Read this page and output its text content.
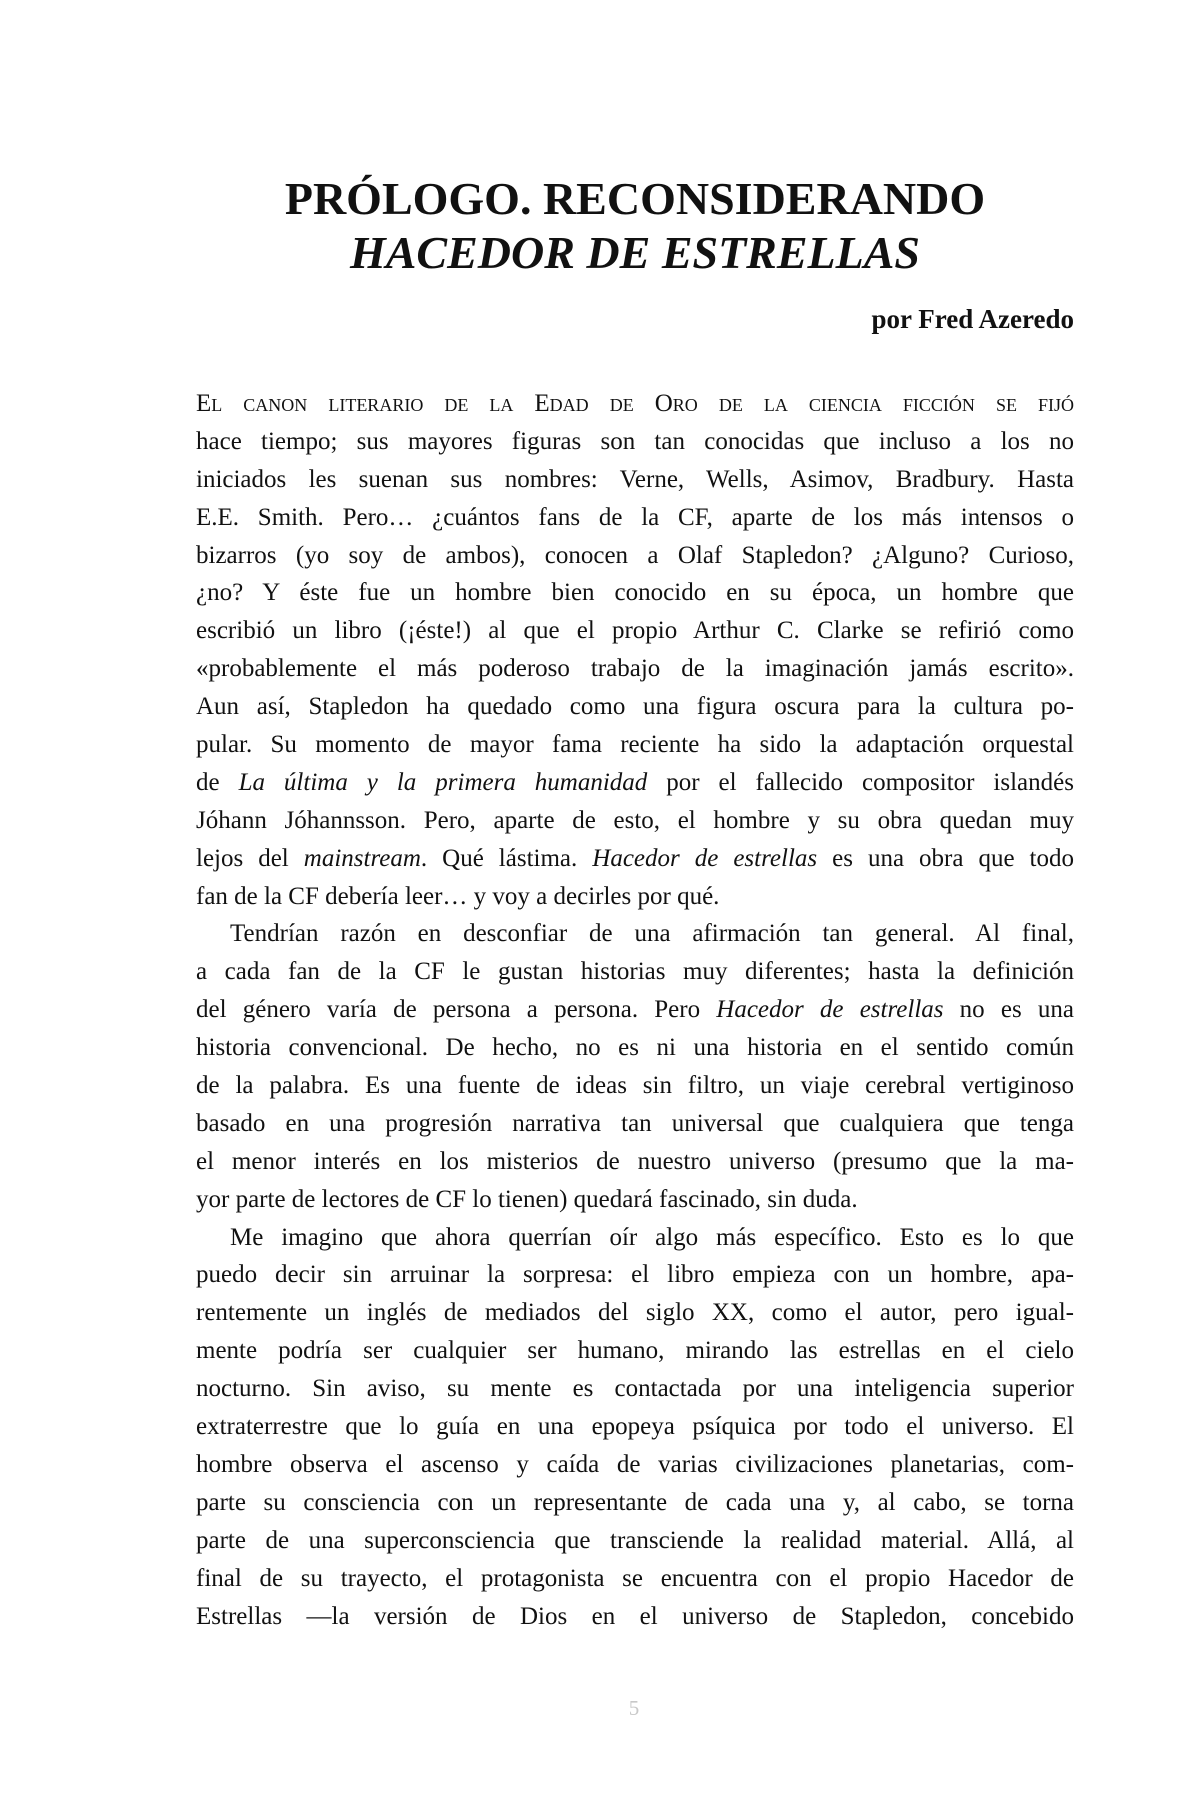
PRÓLOGO. RECONSIDERANDO
HACEDOR DE ESTRELLAS
por Fred Azeredo
El canon literario de la Edad de Oro de la ciencia ficción se fijó
hace tiempo; sus mayores figuras son tan conocidas que incluso a los no
iniciados les suenan sus nombres: Verne, Wells, Asimov, Bradbury. Hasta
E.E. Smith. Pero… ¿cuántos fans de la CF, aparte de los más intensos o
bizarros (yo soy de ambos), conocen a Olaf Stapledon? ¿Alguno? Curioso,
¿no? Y éste fue un hombre bien conocido en su época, un hombre que
escribió un libro (¡éste!) al que el propio Arthur C. Clarke se refirió como
«probablemente el más poderoso trabajo de la imaginación jamás escrito».
Aun así, Stapledon ha quedado como una figura oscura para la cultura po-
pular. Su momento de mayor fama reciente ha sido la adaptación orquestal
de La última y la primera humanidad por el fallecido compositor islandés
Jóhann Jóhannsson. Pero, aparte de esto, el hombre y su obra quedan muy
lejos del mainstream. Qué lástima. Hacedor de estrellas es una obra que todo
fan de la CF debería leer… y voy a decirles por qué.
Tendrían razón en desconfiar de una afirmación tan general. Al final,
a cada fan de la CF le gustan historias muy diferentes; hasta la definición
del género varía de persona a persona. Pero Hacedor de estrellas no es una
historia convencional. De hecho, no es ni una historia en el sentido común
de la palabra. Es una fuente de ideas sin filtro, un viaje cerebral vertiginoso
basado en una progresión narrativa tan universal que cualquiera que tenga
el menor interés en los misterios de nuestro universo (presumo que la ma-
yor parte de lectores de CF lo tienen) quedará fascinado, sin duda.
Me imagino que ahora querrían oír algo más específico. Esto es lo que
puedo decir sin arruinar la sorpresa: el libro empieza con un hombre, apa-
rentemente un inglés de mediados del siglo XX, como el autor, pero igual-
mente podría ser cualquier ser humano, mirando las estrellas en el cielo
nocturno. Sin aviso, su mente es contactada por una inteligencia superior
extraterrestre que lo guía en una epopeya psíquica por todo el universo. El
hombre observa el ascenso y caída de varias civilizaciones planetarias, com-
parte su consciencia con un representante de cada una y, al cabo, se torna
parte de una superconsciencia que transciende la realidad material. Allá, al
final de su trayecto, el protagonista se encuentra con el propio Hacedor de
Estrellas —la versión de Dios en el universo de Stapledon, concebido
5
